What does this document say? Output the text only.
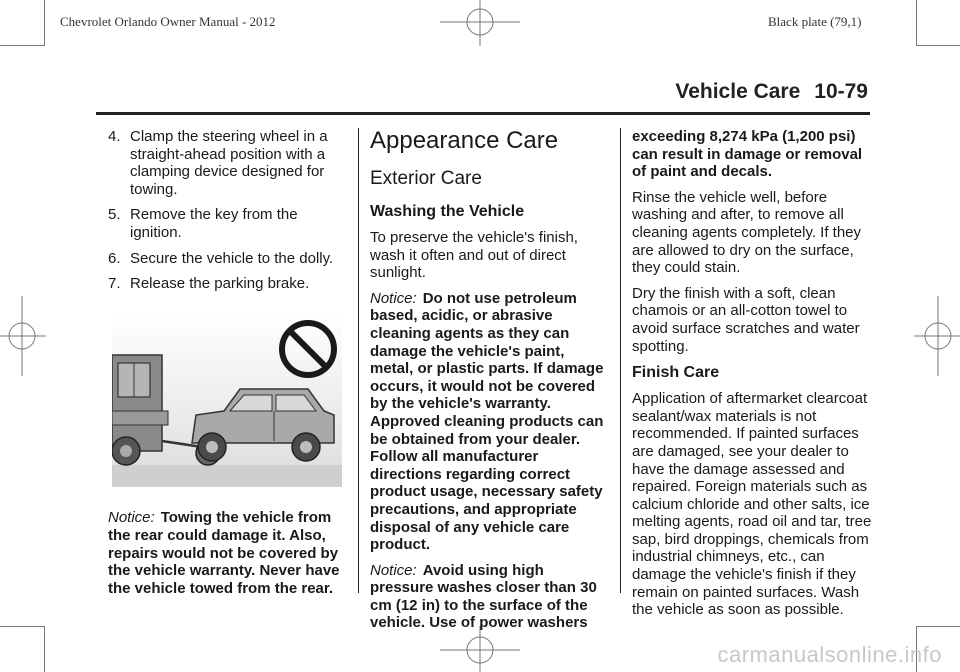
Chevrolet Orlando Owner Manual - 2012	Black plate (79,1)
Vehicle Care 10-79
4. Clamp the steering wheel in a straight-ahead position with a clamping device designed for towing.
5. Remove the key from the ignition.
6. Secure the vehicle to the dolly.
7. Release the parking brake.

Notice: Towing the vehicle from the rear could damage it. Also, repairs would not be covered by the vehicle warranty. Never have the vehicle towed from the rear.

Appearance Care
Exterior Care
Washing the Vehicle

To preserve the vehicle's finish, wash it often and out of direct sunlight.

Notice: Do not use petroleum based, acidic, or abrasive cleaning agents as they can damage the vehicle's paint, metal, or plastic parts. If damage occurs, it would not be covered by the vehicle's warranty. Approved cleaning products can be obtained from your dealer. Follow all manufacturer directions regarding correct product usage, necessary safety precautions, and appropriate disposal of any vehicle care product.

Notice: Avoid using high pressure washes closer than 30 cm (12 in) to the surface of the vehicle. Use of power washers

exceeding 8,274 kPa (1,200 psi) can result in damage or removal of paint and decals.

Rinse the vehicle well, before washing and after, to remove all cleaning agents completely. If they are allowed to dry on the surface, they could stain.

Dry the finish with a soft, clean chamois or an all-cotton towel to avoid surface scratches and water spotting.

Finish Care

Application of aftermarket clearcoat sealant/wax materials is not recommended. If painted surfaces are damaged, see your dealer to have the damage assessed and repaired. Foreign materials such as calcium chloride and other salts, ice melting agents, road oil and tar, tree sap, bird droppings, chemicals from industrial chimneys, etc., can damage the vehicle's finish if they remain on painted surfaces. Wash the vehicle as soon as possible.

carmanualsonline.info
